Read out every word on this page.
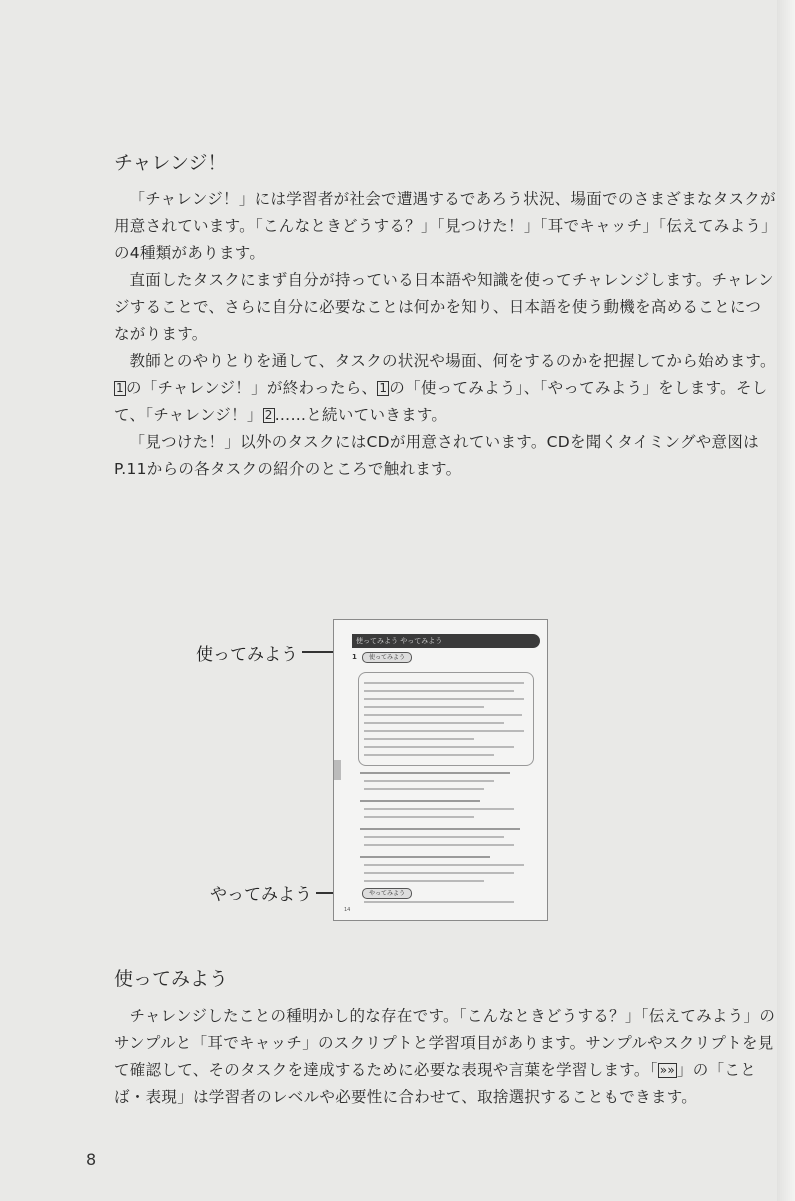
チャレンジ！

「チャレンジ！」には学習者が社会で遭遇するであろう状況、場面でのさまざまなタスクが用意されています。「こんなときどうする？」「見つけた！」「耳でキャッチ」「伝えてみよう」の4種類があります。

直面したタスクにまず自分が持っている日本語や知識を使ってチャレンジします。チャレンジすることで、さらに自分に必要なことは何かを知り、日本語を使う動機を高めることにつながります。

教師とのやりとりを通して、タスクの状況や場面、何をするのかを把握してから始めます。1 の「チャレンジ！」が終わったら、 1 の「使ってみよう」、「やってみよう」をします。そして、「チャレンジ！」 2 ……と続いていきます。

「見つけた！」以外のタスクにはCDが用意されています。CDを聞くタイミングや意図はP.11からの各タスクの紹介のところで触れます。

使ってみよう
やってみよう
使ってみよう やってみよう
1	使ってみよう
やってみよう
14
使ってみよう

チャレンジしたことの種明かし的な存在です。「こんなときどうする？」「伝えてみよう」のサンプルと「耳でキャッチ」のスクリプトと学習項目があります。サンプルやスクリプトを見て確認して、そのタスクを達成するために必要な表現や言葉を学習します。「 »» 」の「ことば・表現」は学習者のレベルや必要性に合わせて、取捨選択することもできます。

8
